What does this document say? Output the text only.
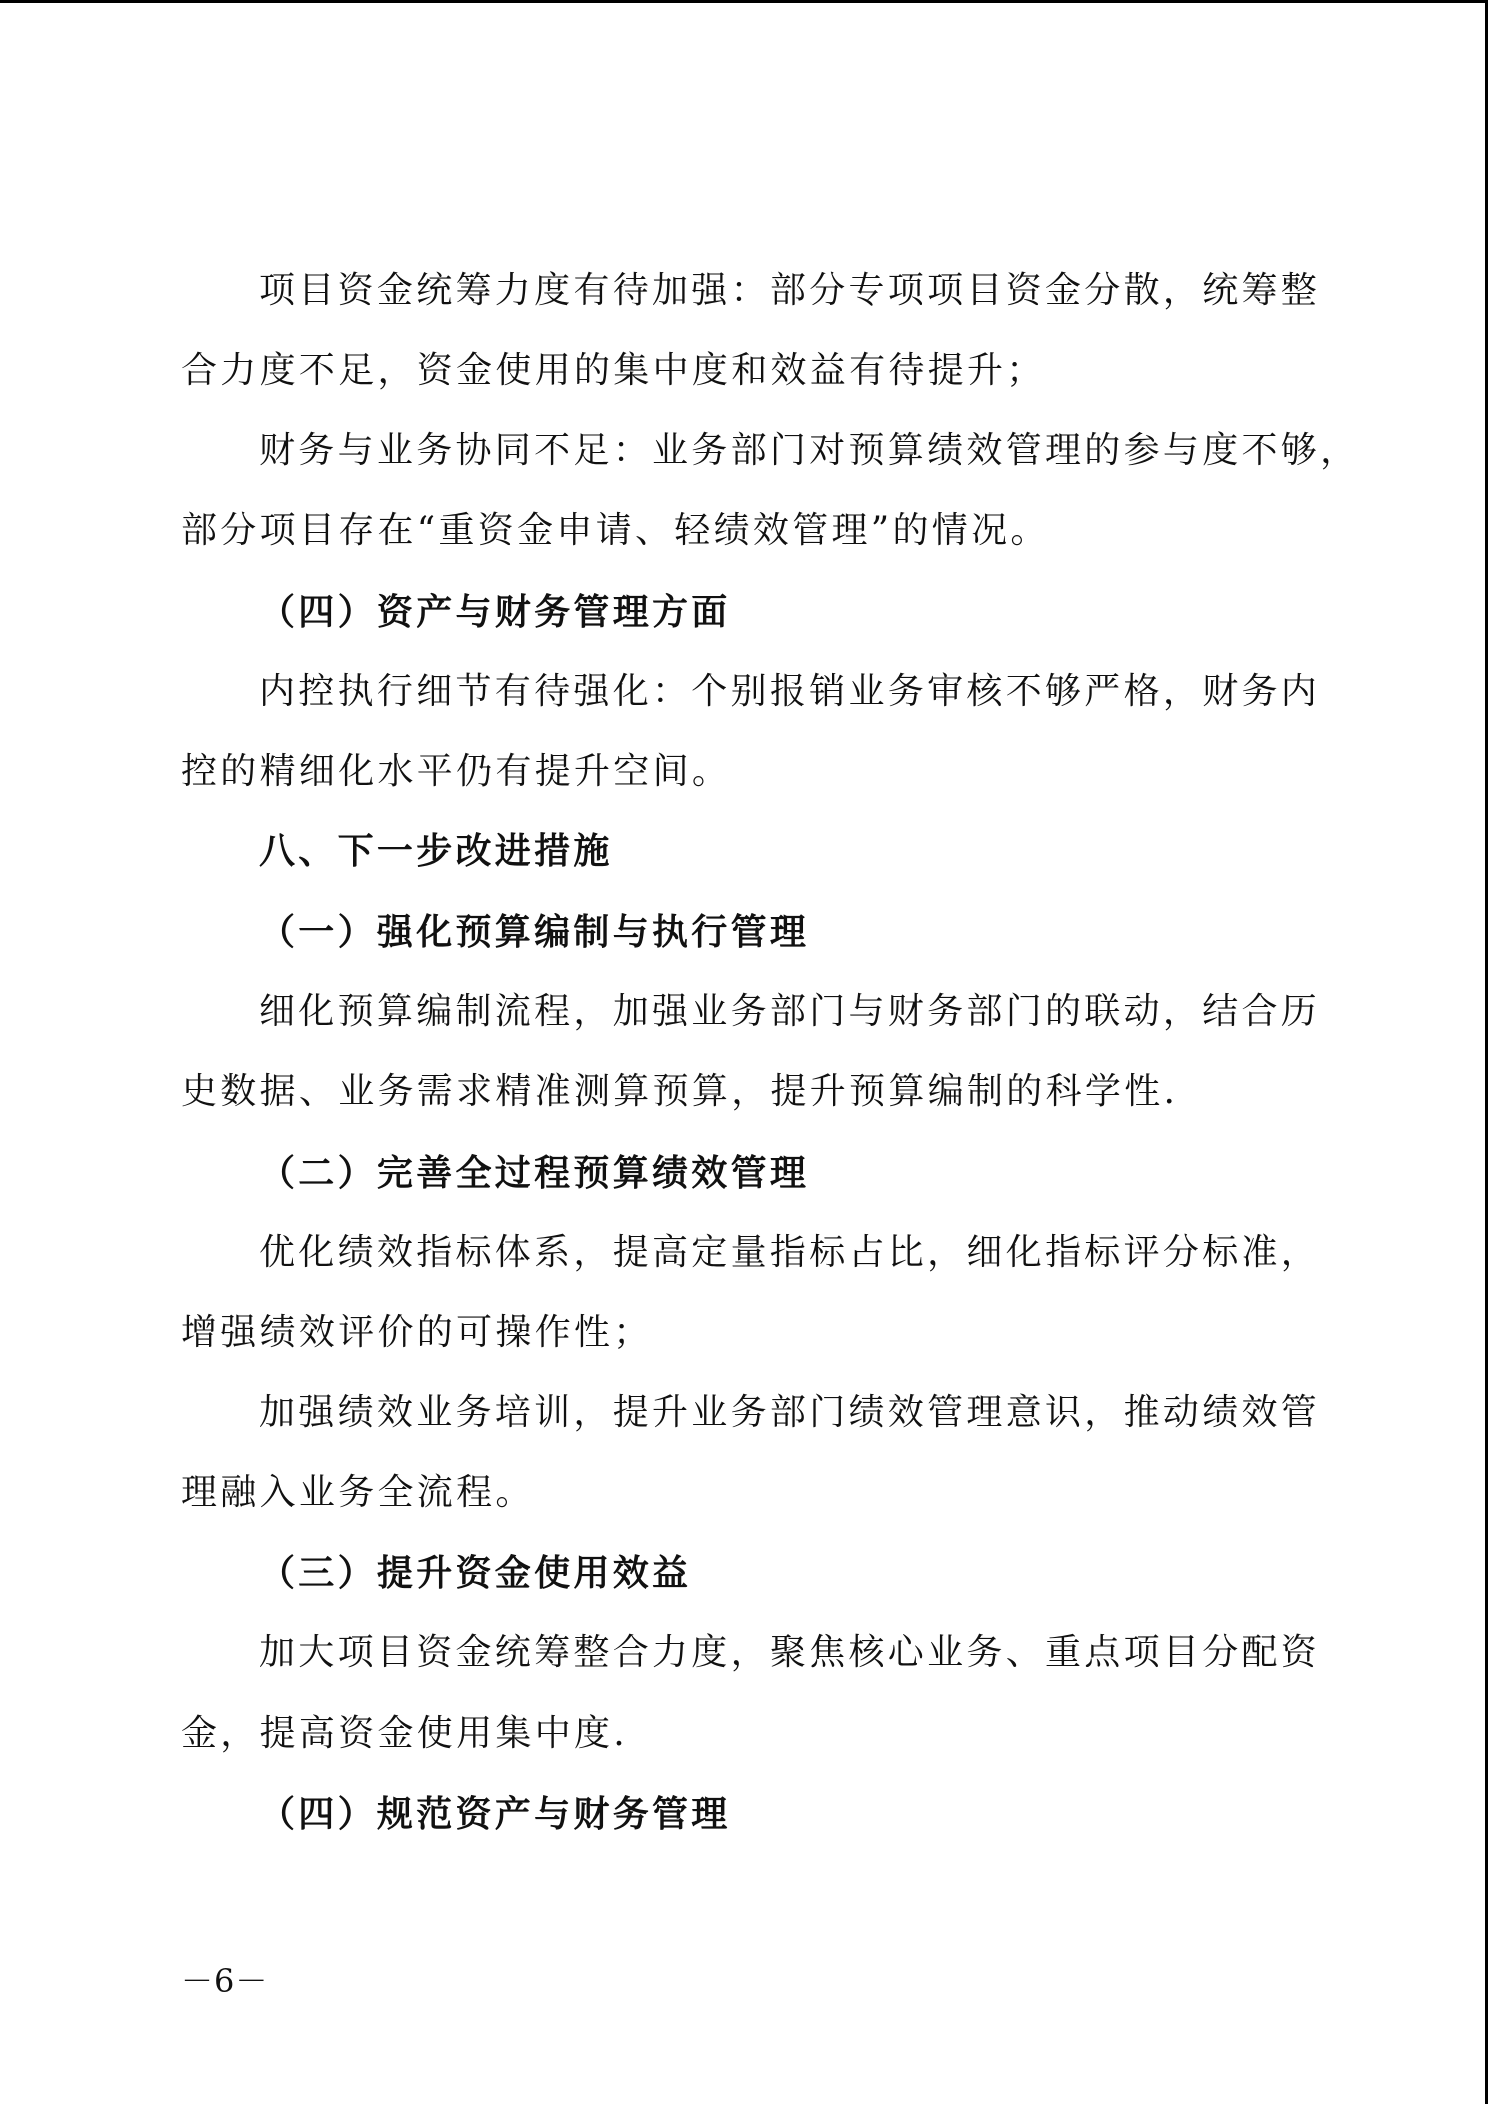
项目资金统筹力度有待加强：部分专项项目资金分散，统筹整
合力度不足，资金使用的集中度和效益有待提升；
财务与业务协同不足：业务部门对预算绩效管理的参与度不够，
部分项目存在“重资金申请、轻绩效管理”的情况。
（四）资产与财务管理方面
内控执行细节有待强化：个别报销业务审核不够严格，财务内
控的精细化水平仍有提升空间。
八、下一步改进措施
（一）强化预算编制与执行管理
细化预算编制流程，加强业务部门与财务部门的联动，结合历
史数据、业务需求精准测算预算，提升预算编制的科学性.
（二）完善全过程预算绩效管理
优化绩效指标体系，提高定量指标占比，细化指标评分标准，
增强绩效评价的可操作性；
加强绩效业务培训，提升业务部门绩效管理意识，推动绩效管
理融入业务全流程。
（三）提升资金使用效益
加大项目资金统筹整合力度，聚焦核心业务、重点项目分配资
金，提高资金使用集中度.
（四）规范资产与财务管理
－6－
